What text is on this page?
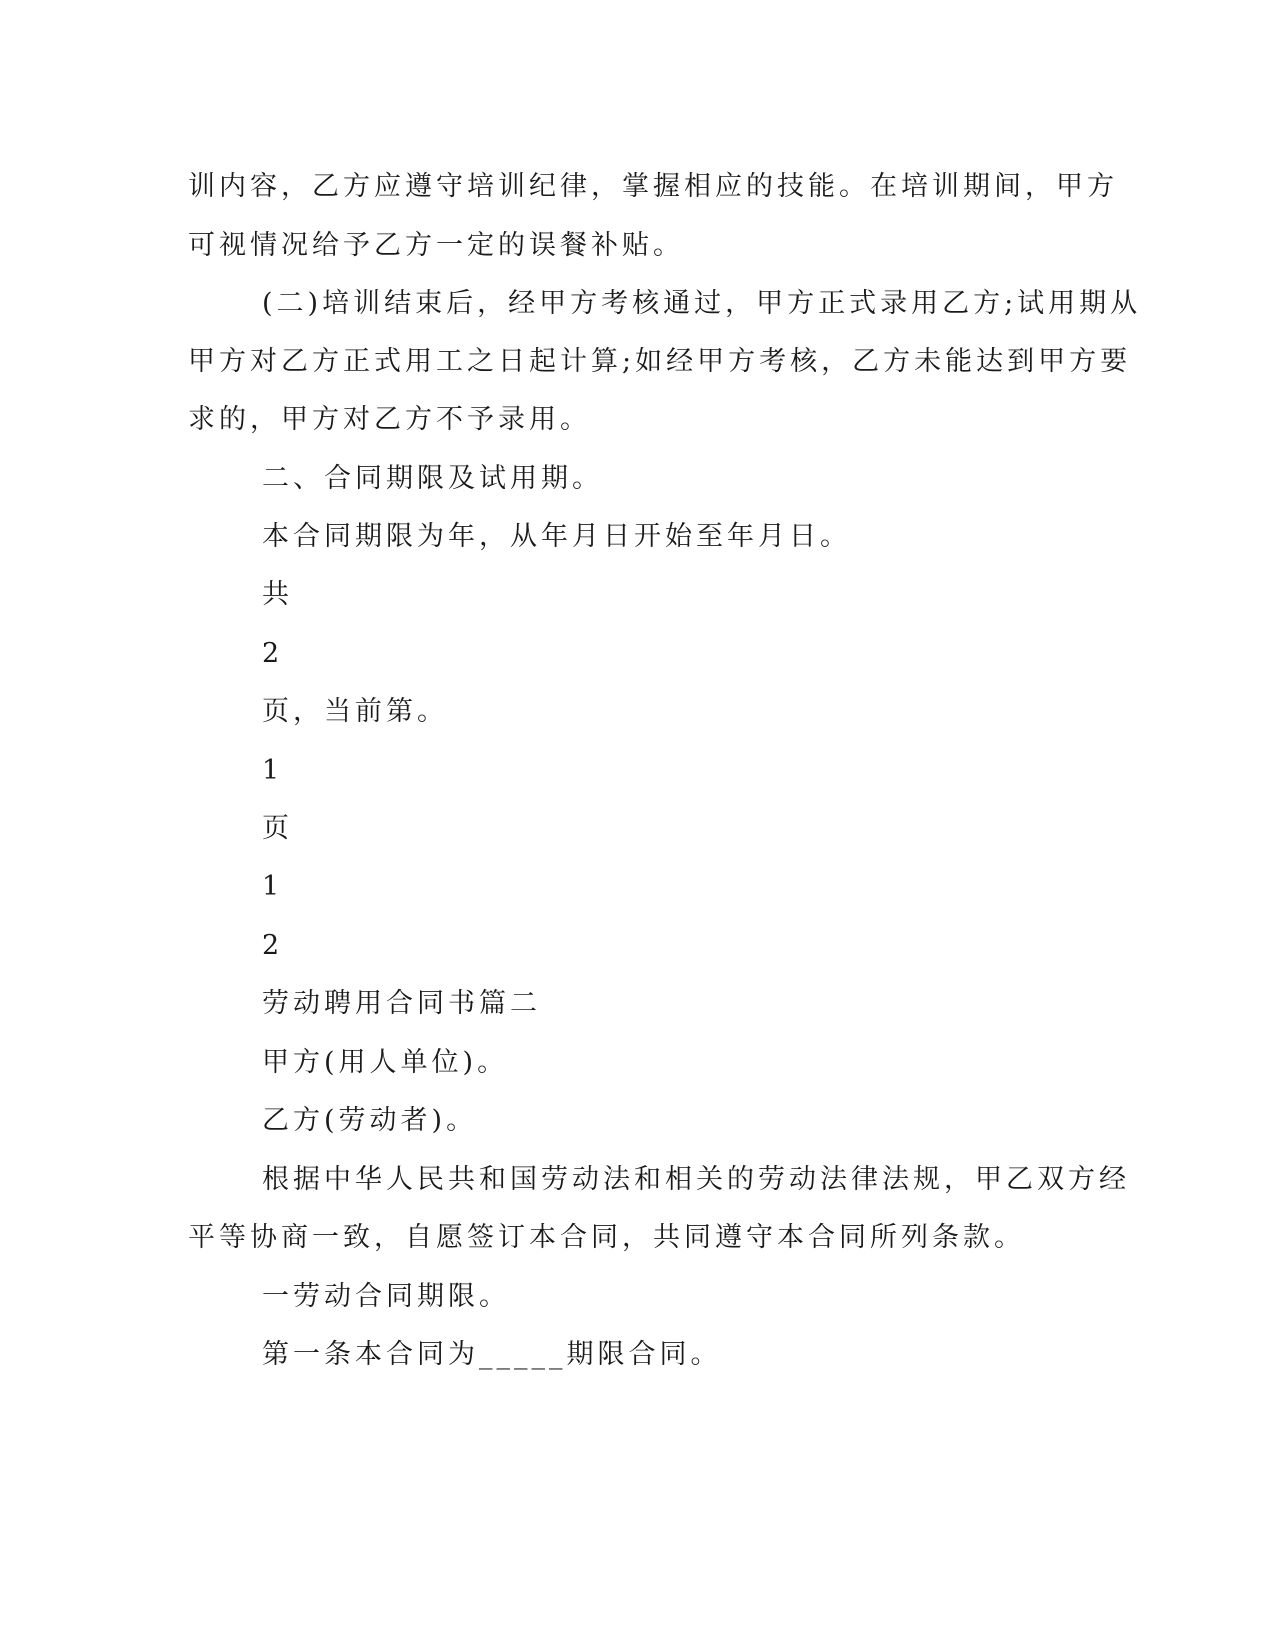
训内容，乙方应遵守培训纪律，掌握相应的技能。在培训期间，甲方
可视情况给予乙方一定的误餐补贴。
(二)培训结束后，经甲方考核通过，甲方正式录用乙方;试用期从
甲方对乙方正式用工之日起计算;如经甲方考核，乙方未能达到甲方要
求的，甲方对乙方不予录用。
二、合同期限及试用期。
本合同期限为年，从年月日开始至年月日。
共
2
页，当前第。
1
页
1
2
劳动聘用合同书篇二
甲方(用人单位)。
乙方(劳动者)。
根据中华人民共和国劳动法和相关的劳动法律法规，甲乙双方经
平等协商一致，自愿签订本合同，共同遵守本合同所列条款。
一劳动合同期限。
第一条本合同为_____期限合同。
